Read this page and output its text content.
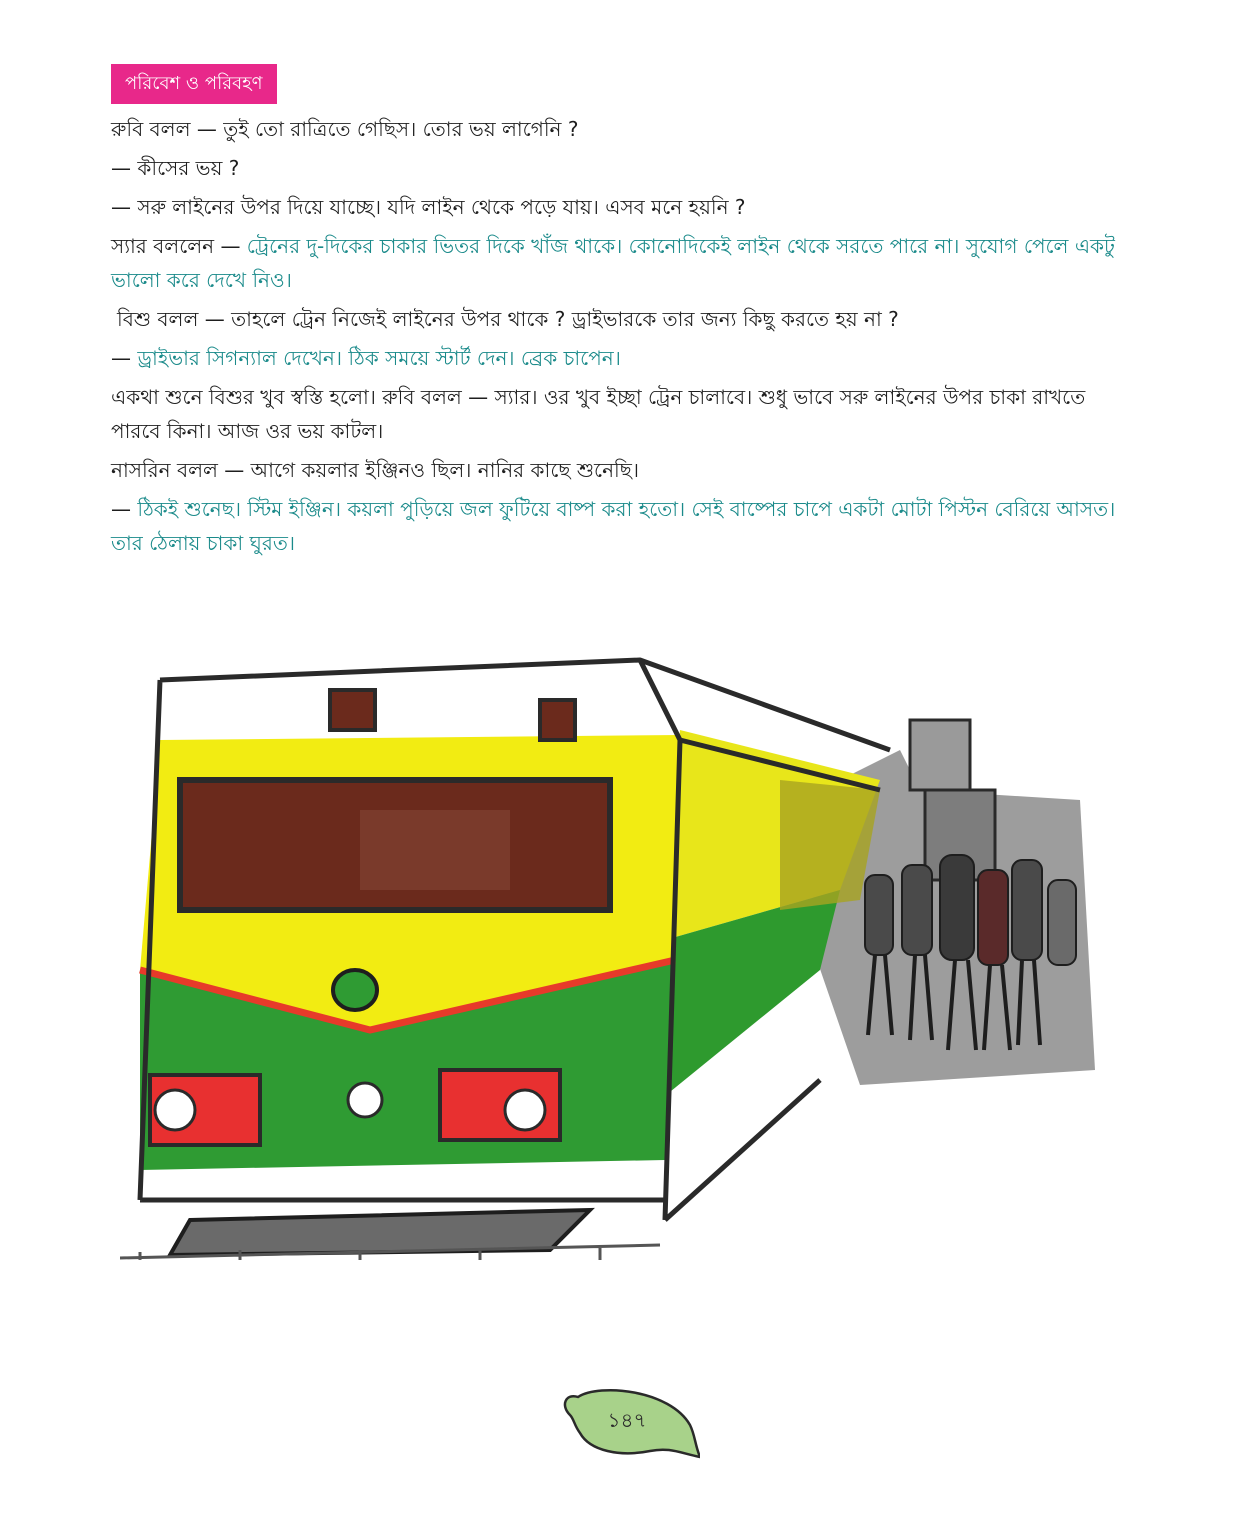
পরিবেশ ও পরিবহণ

রুবি বলল — তুই তো রাত্রিতে গেছিস। তোর ভয় লাগেনি ?

— কীসের ভয় ?

— সরু লাইনের উপর দিয়ে যাচ্ছে। যদি লাইন থেকে পড়ে যায়। এসব মনে হয়নি ?

স্যার বললেন — ট্রেনের দু-দিকের চাকার ভিতর দিকে খাঁজ থাকে। কোনোদিকেই লাইন থেকে সরতে পারে না। সুযোগ পেলে একটু ভালো করে দেখে নিও।

বিশু বলল — তাহলে ট্রেন নিজেই লাইনের উপর থাকে ? ড্রাইভারকে তার জন্য কিছু করতে হয় না ?

— ড্রাইভার সিগন্যাল দেখেন। ঠিক সময়ে স্টার্ট দেন। ব্রেক চাপেন।

একথা শুনে বিশুর খুব স্বস্তি হলো। রুবি বলল — স্যার। ওর খুব ইচ্ছা ট্রেন চালাবে। শুধু ভাবে সরু লাইনের উপর চাকা রাখতে পারবে কিনা। আজ ওর ভয় কাটল।

নাসরিন বলল — আগে কয়লার ইঞ্জিনও ছিল। নানির কাছে শুনেছি।

— ঠিকই শুনেছ। স্টিম ইঞ্জিন। কয়লা পুড়িয়ে জল ফুটিয়ে বাষ্প করা হতো। সেই বাষ্পের চাপে একটা মোটা পিস্টন বেরিয়ে আসত। তার ঠেলায় চাকা ঘুরত।

১৪৭
